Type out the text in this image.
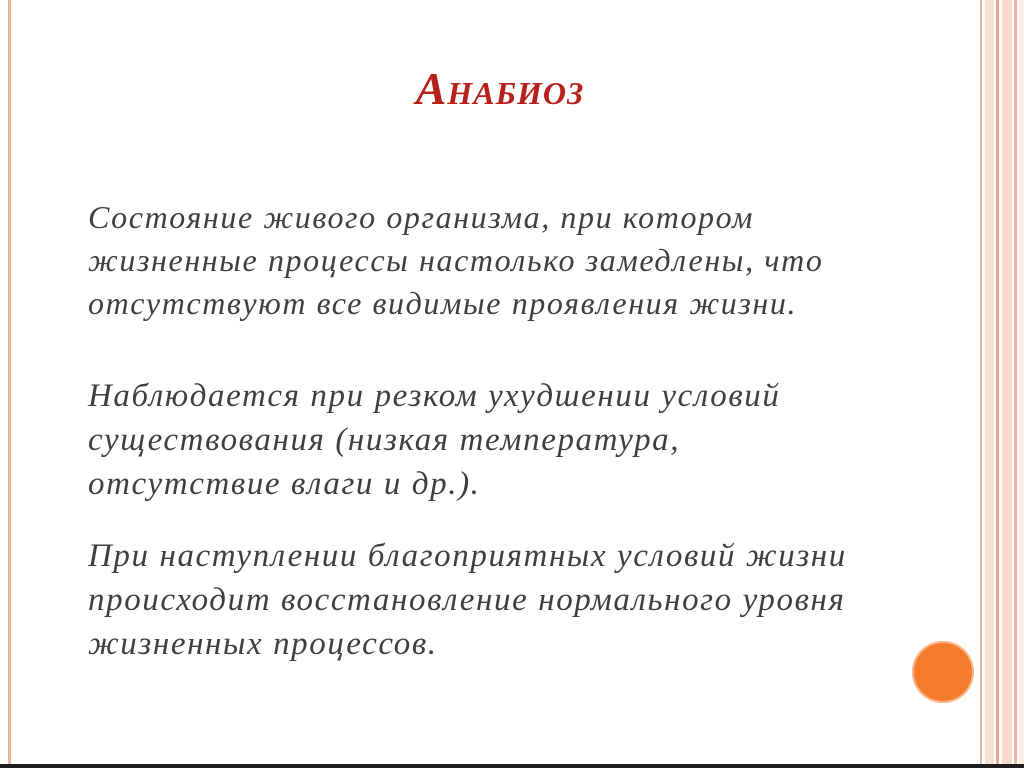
Анабиоз
Состояние живого организма, при котором жизненные процессы настолько замедлены, что отсутствуют все видимые проявления жизни.
Наблюдается при резком ухудшении условий существования (низкая температура, отсутствие влаги и др.).
При наступлении благоприятных условий жизни происходит восстановление нормального уровня жизненных процессов.
